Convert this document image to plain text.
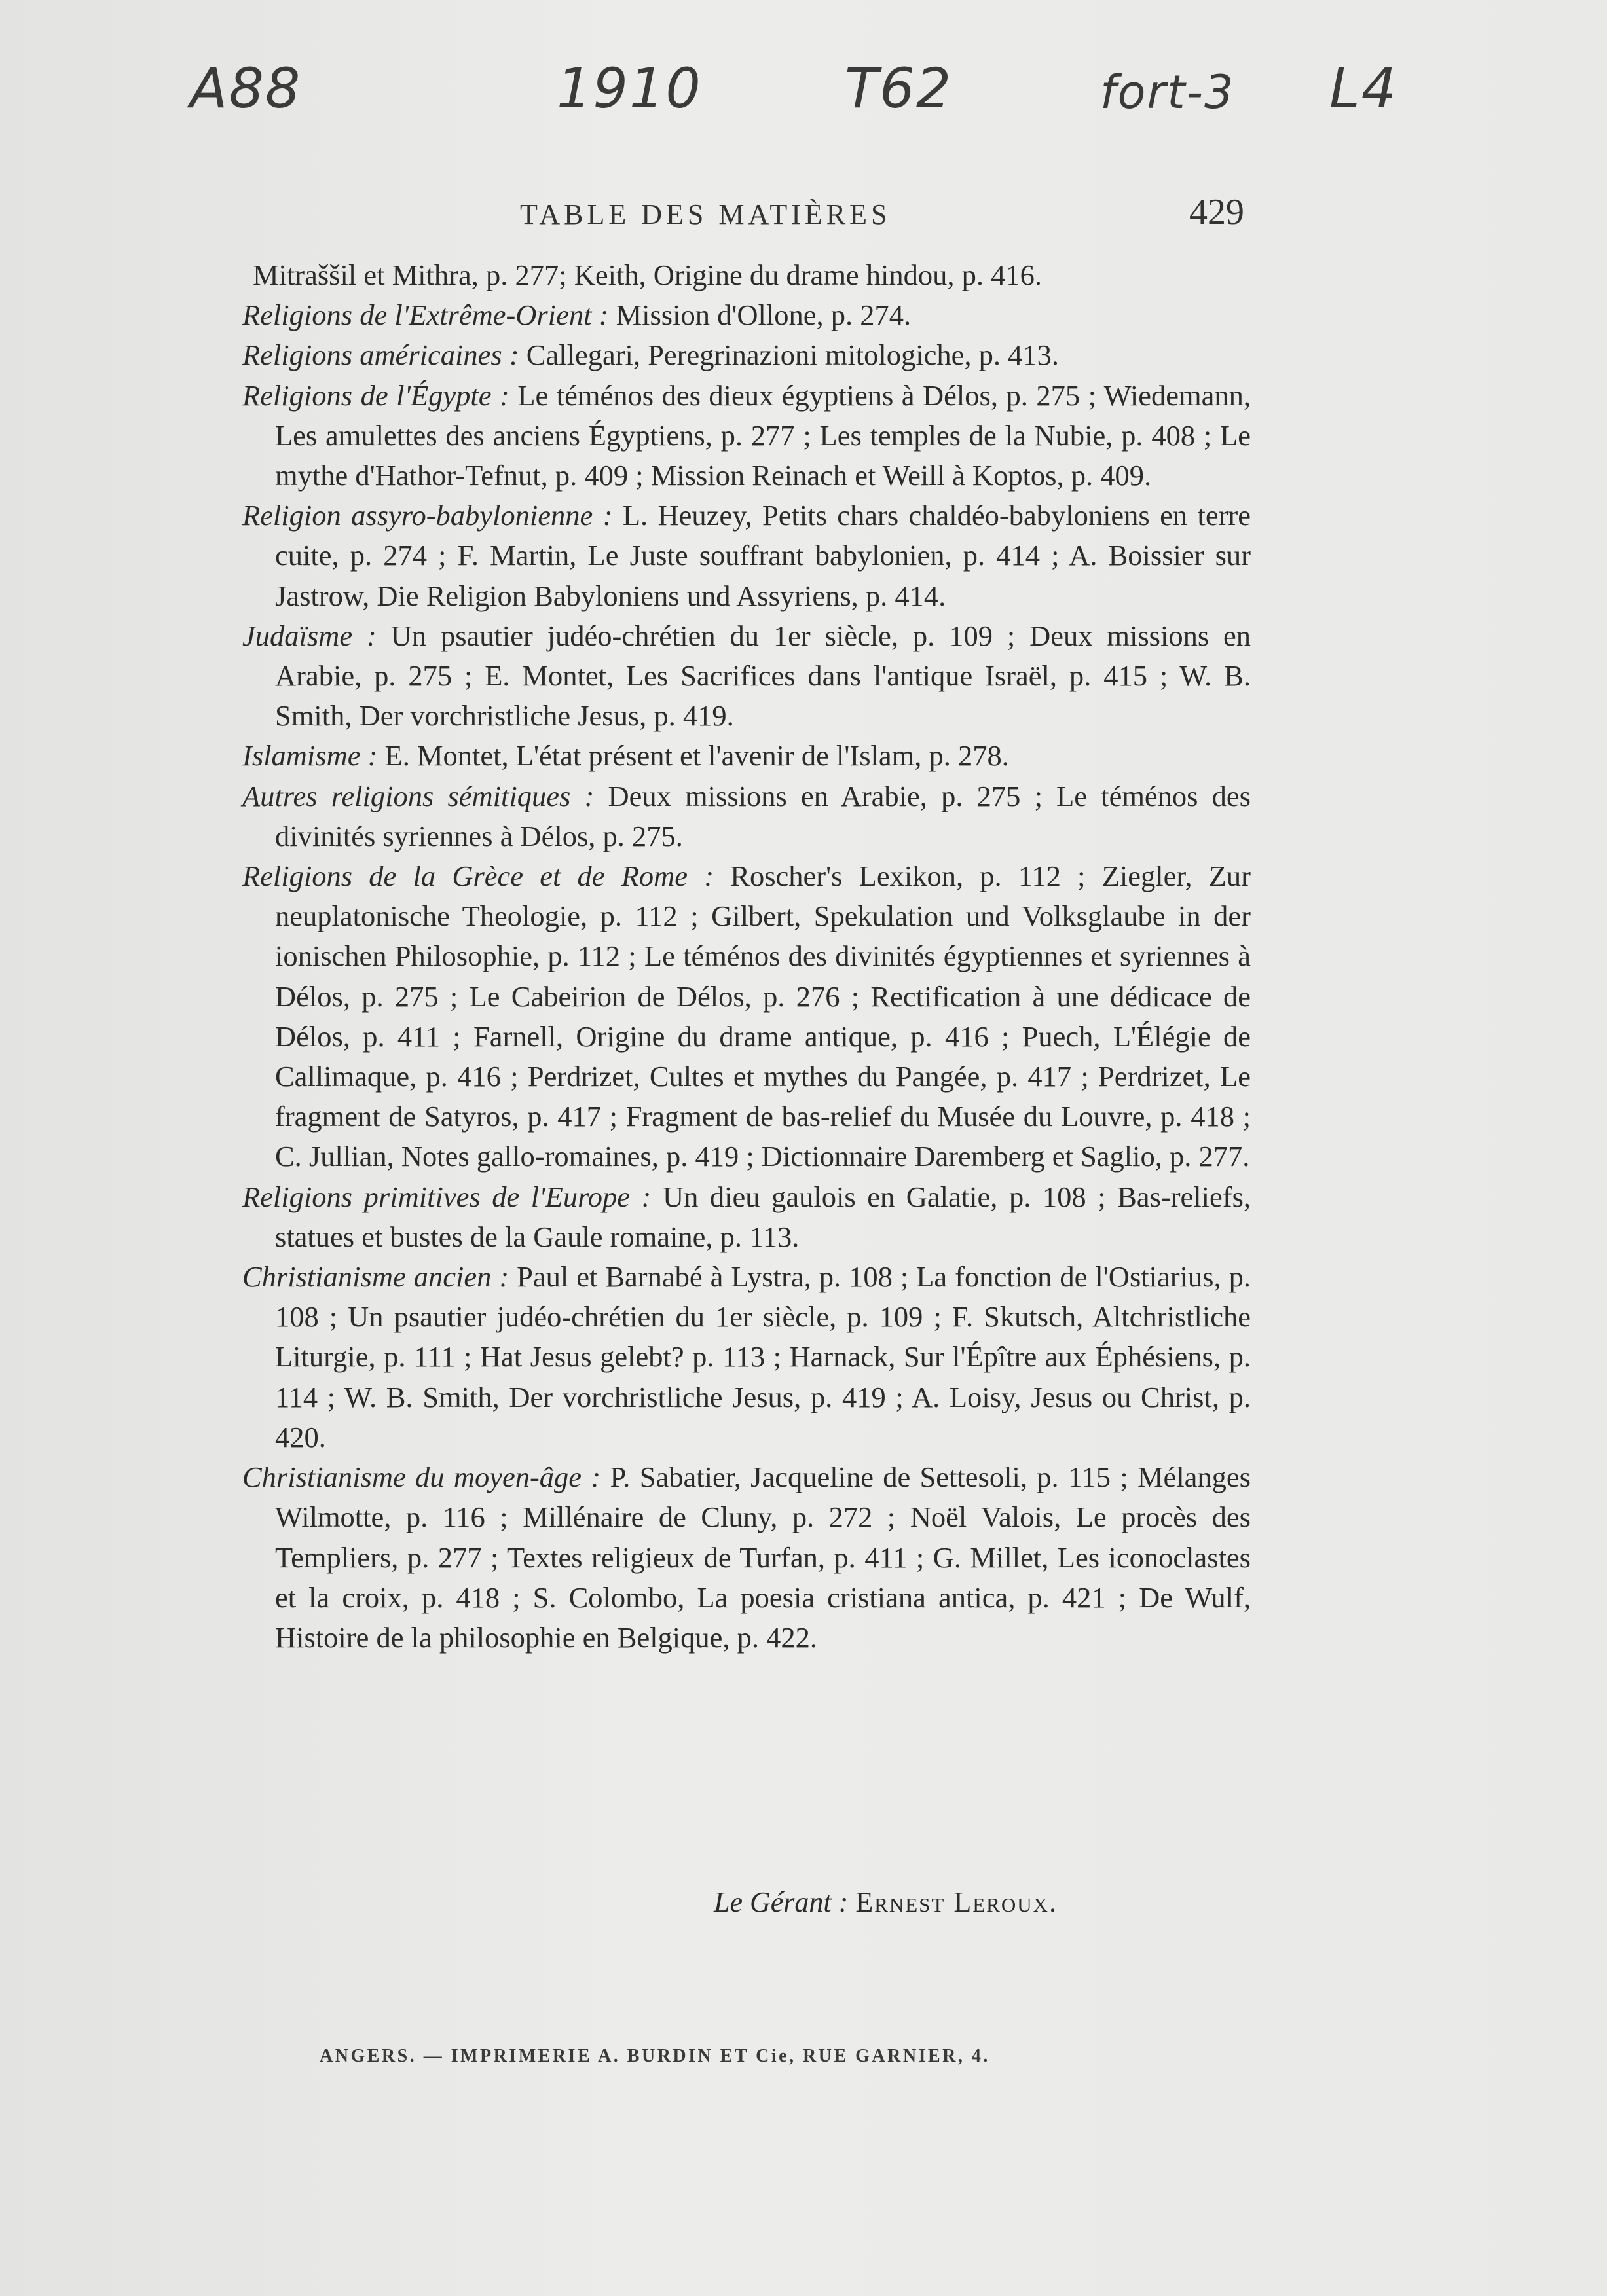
A88	1910	T62	fort-3 L4
TABLE DES MATIÈRES	429

Mitraššil et Mithra, p. 277; Keith, Origine du drame hindou, p. 416.

Religions de l'Extrême-Orient : Mission d'Ollone, p. 274.

Religions américaines : Callegari, Peregrinazioni mitologiche, p. 413.

Religions de l'Égypte : Le téménos des dieux égyptiens à Délos, p. 275 ; Wiedemann, Les amulettes des anciens Égyptiens, p. 277 ; Les temples de la Nubie, p. 408 ; Le mythe d'Hathor-Tefnut, p. 409 ; Mission Reinach et Weill à Koptos, p. 409.

Religion assyro-babylonienne : L. Heuzey, Petits chars chaldéo-babyloniens en terre cuite, p. 274 ; F. Martin, Le Juste souffrant babylonien, p. 414 ; A. Boissier sur Jastrow, Die Religion Babyloniens und Assyriens, p. 414.

Judaïsme : Un psautier judéo-chrétien du 1er siècle, p. 109 ; Deux missions en Arabie, p. 275 ; E. Montet, Les Sacrifices dans l'antique Israël, p. 415 ; W. B. Smith, Der vorchristliche Jesus, p. 419.

Islamisme : E. Montet, L'état présent et l'avenir de l'Islam, p. 278.

Autres religions sémitiques : Deux missions en Arabie, p. 275 ; Le téménos des divinités syriennes à Délos, p. 275.

Religions de la Grèce et de Rome : Roscher's Lexikon, p. 112 ; Ziegler, Zur neuplatonische Theologie, p. 112 ; Gilbert, Spekulation und Volksglaube in der ionischen Philosophie, p. 112 ; Le téménos des divinités égyptiennes et syriennes à Délos, p. 275 ; Le Cabeirion de Délos, p. 276 ; Rectification à une dédicace de Délos, p. 411 ; Farnell, Origine du drame antique, p. 416 ; Puech, L'Élégie de Callimaque, p. 416 ; Perdrizet, Cultes et mythes du Pangée, p. 417 ; Perdrizet, Le fragment de Satyros, p. 417 ; Fragment de bas-relief du Musée du Louvre, p. 418 ; C. Jullian, Notes gallo-romaines, p. 419 ; Dictionnaire Daremberg et Saglio, p. 277.

Religions primitives de l'Europe : Un dieu gaulois en Galatie, p. 108 ; Bas-reliefs, statues et bustes de la Gaule romaine, p. 113.

Christianisme ancien : Paul et Barnabé à Lystra, p. 108 ; La fonction de l'Ostiarius, p. 108 ; Un psautier judéo-chrétien du 1er siècle, p. 109 ; F. Skutsch, Altchristliche Liturgie, p. 111 ; Hat Jesus gelebt? p. 113 ; Harnack, Sur l'Épître aux Éphésiens, p. 114 ; W. B. Smith, Der vorchristliche Jesus, p. 419 ; A. Loisy, Jesus ou Christ, p. 420.

Christianisme du moyen-âge : P. Sabatier, Jacqueline de Settesoli, p. 115 ; Mélanges Wilmotte, p. 116 ; Millénaire de Cluny, p. 272 ; Noël Valois, Le procès des Templiers, p. 277 ; Textes religieux de Turfan, p. 411 ; G. Millet, Les iconoclastes et la croix, p. 418 ; S. Colombo, La poesia cristiana antica, p. 421 ; De Wulf, Histoire de la philosophie en Belgique, p. 422.

Le Gérant : Ernest Leroux.
ANGERS. — IMPRIMERIE A. BURDIN ET Cie, RUE GARNIER, 4.
